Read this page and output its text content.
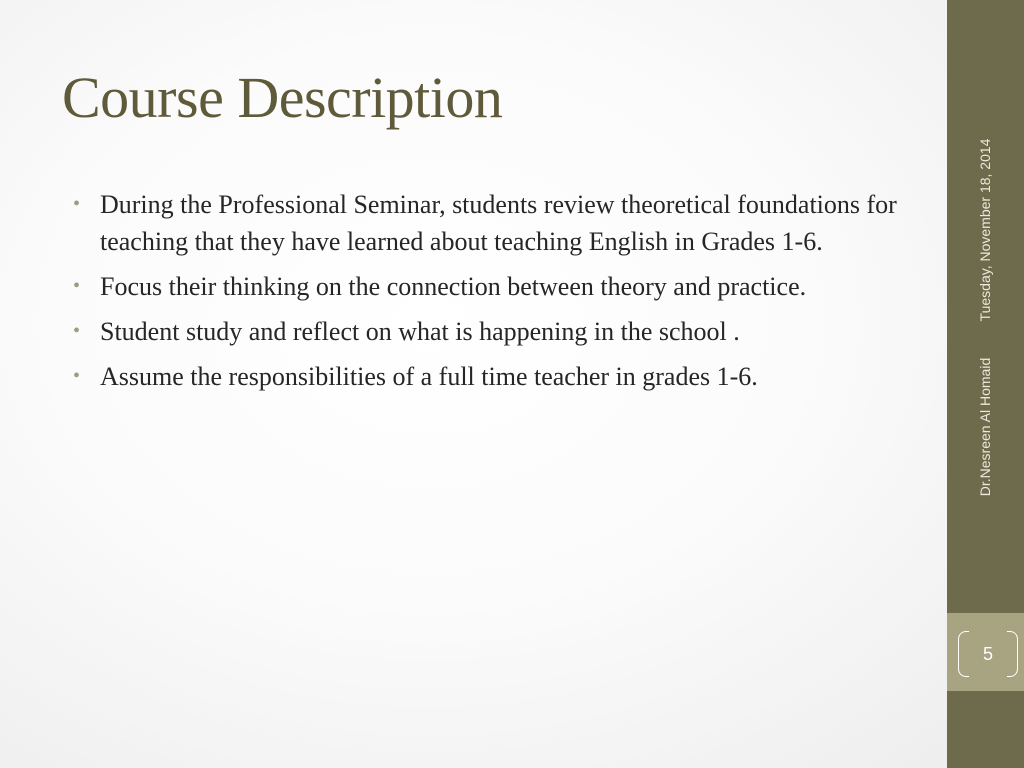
Course Description
• During the Professional Seminar, students review theoretical foundations for teaching that they have learned about teaching English in Grades 1-6.
• Focus their thinking on the connection between theory and practice.
• Student study and reflect on what is happening in the school .
• Assume the responsibilities of a full time teacher in grades 1-6.
Tuesday, November 18, 2014
Dr.Nesreen Al Homaid
5
